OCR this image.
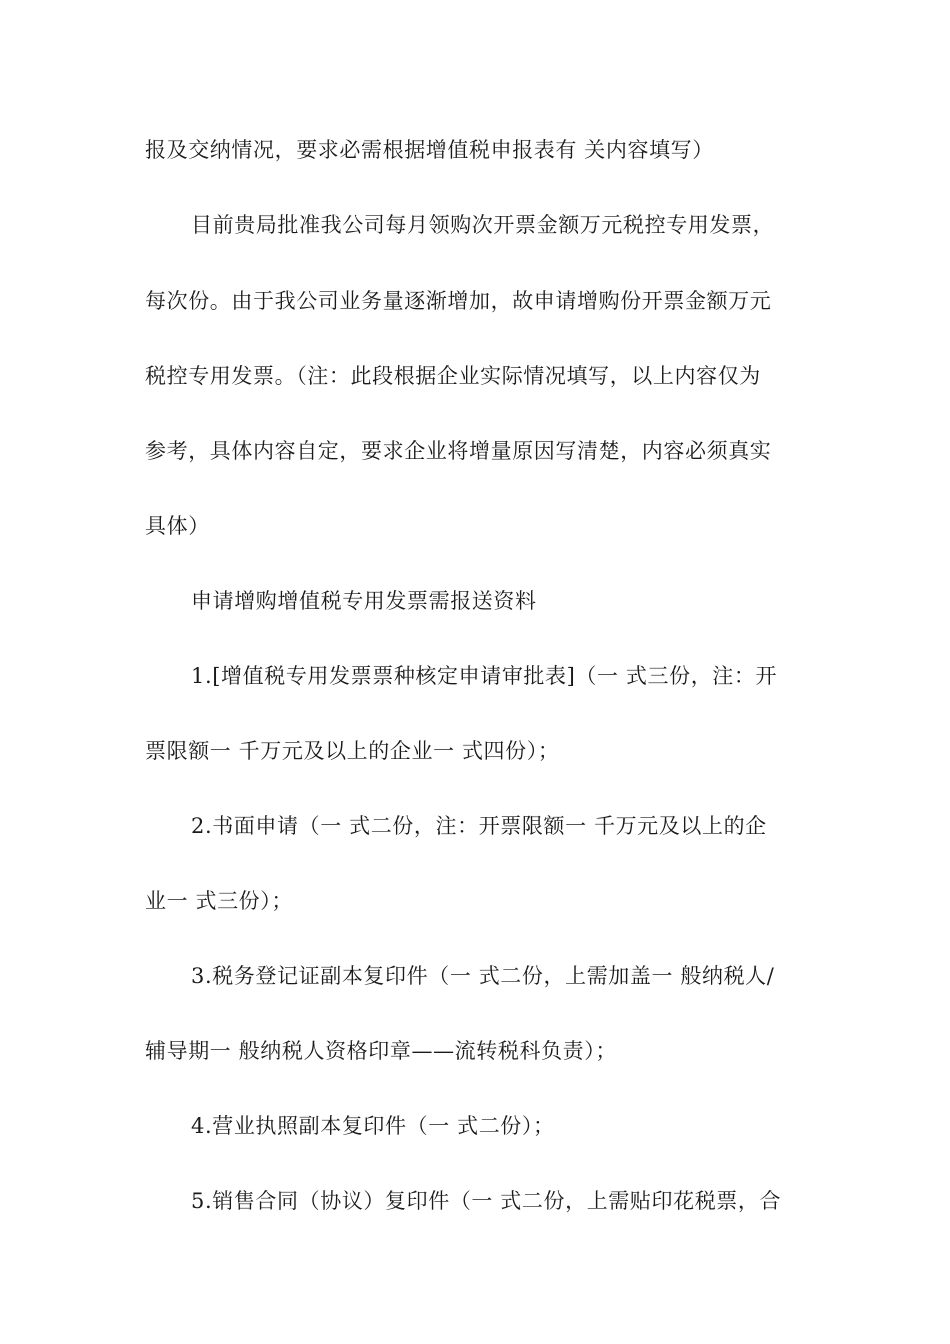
报及交纳情况，要求必需根据增值税申报表有 关内容填写）
目前贵局批准我公司每月领购次开票金额万元税控专用发票，
每次份。由于我公司业务量逐渐增加，故申请增购份开票金额万元
税控专用发票。（注：此段根据企业实际情况填写，以上内容仅为
参考，具体内容自定，要求企业将增量原因写清楚，内容必须真实
具体）
申请增购增值税专用发票需报送资料
1.[增值税专用发票票种核定申请审批表]（一 式三份，注：开
票限额一 千万元及以上的企业一 式四份）；
2.书面申请（一 式二份，注：开票限额一 千万元及以上的企
业一 式三份）；
3.税务登记证副本复印件（一 式二份，上需加盖一 般纳税人/
辅导期一 般纳税人资格印章——流转税科负责）；
4.营业执照副本复印件（一 式二份）；
5.销售合同（协议）复印件（一 式二份，上需贴印花税票，合
